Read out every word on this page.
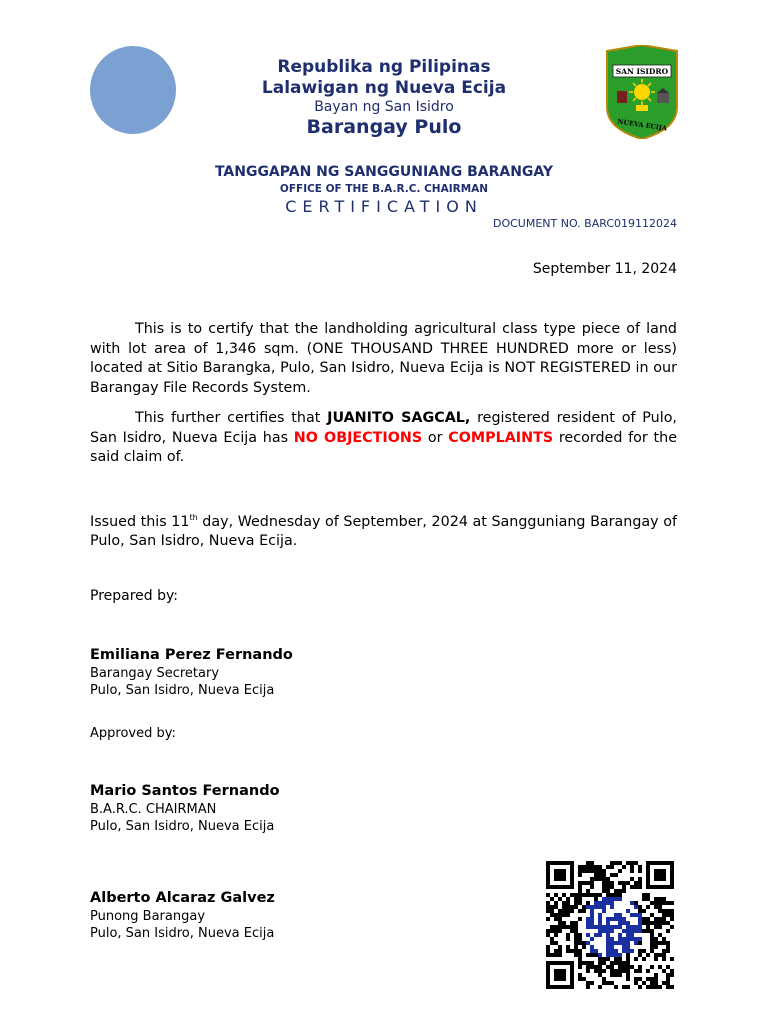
SAN ISIDRO
NUEVA ECIJA
Republika ng Pilipinas
Lalawigan ng Nueva Ecija
Bayan ng San Isidro
Barangay Pulo
TANGGAPAN NG SANGGUNIANG BARANGAY
OFFICE OF THE B.A.R.C. CHAIRMAN
CERTIFICATION
DOCUMENT NO. BARC019112024
September 11, 2024
This is to certify that the landholding agricultural class type piece of land with lot area of 1,346 sqm. (ONE THOUSAND THREE HUNDRED more or less) located at Sitio Barangka, Pulo, San Isidro, Nueva Ecija is NOT REGISTERED in our Barangay File Records System.
This further certifies that JUANITO SAGCAL, registered resident of Pulo, San Isidro, Nueva Ecija has NO OBJECTIONS or COMPLAINTS recorded for the said claim of.
Issued this 11th day, Wednesday of September, 2024 at Sangguniang Barangay of Pulo, San Isidro, Nueva Ecija.
Prepared by:
Emiliana Perez Fernando
Barangay Secretary
Pulo, San Isidro, Nueva Ecija
Approved by:
Mario Santos Fernando
B.A.R.C. CHAIRMAN
Pulo, San Isidro, Nueva Ecija
Alberto Alcaraz Galvez
Punong Barangay
Pulo, San Isidro, Nueva Ecija
